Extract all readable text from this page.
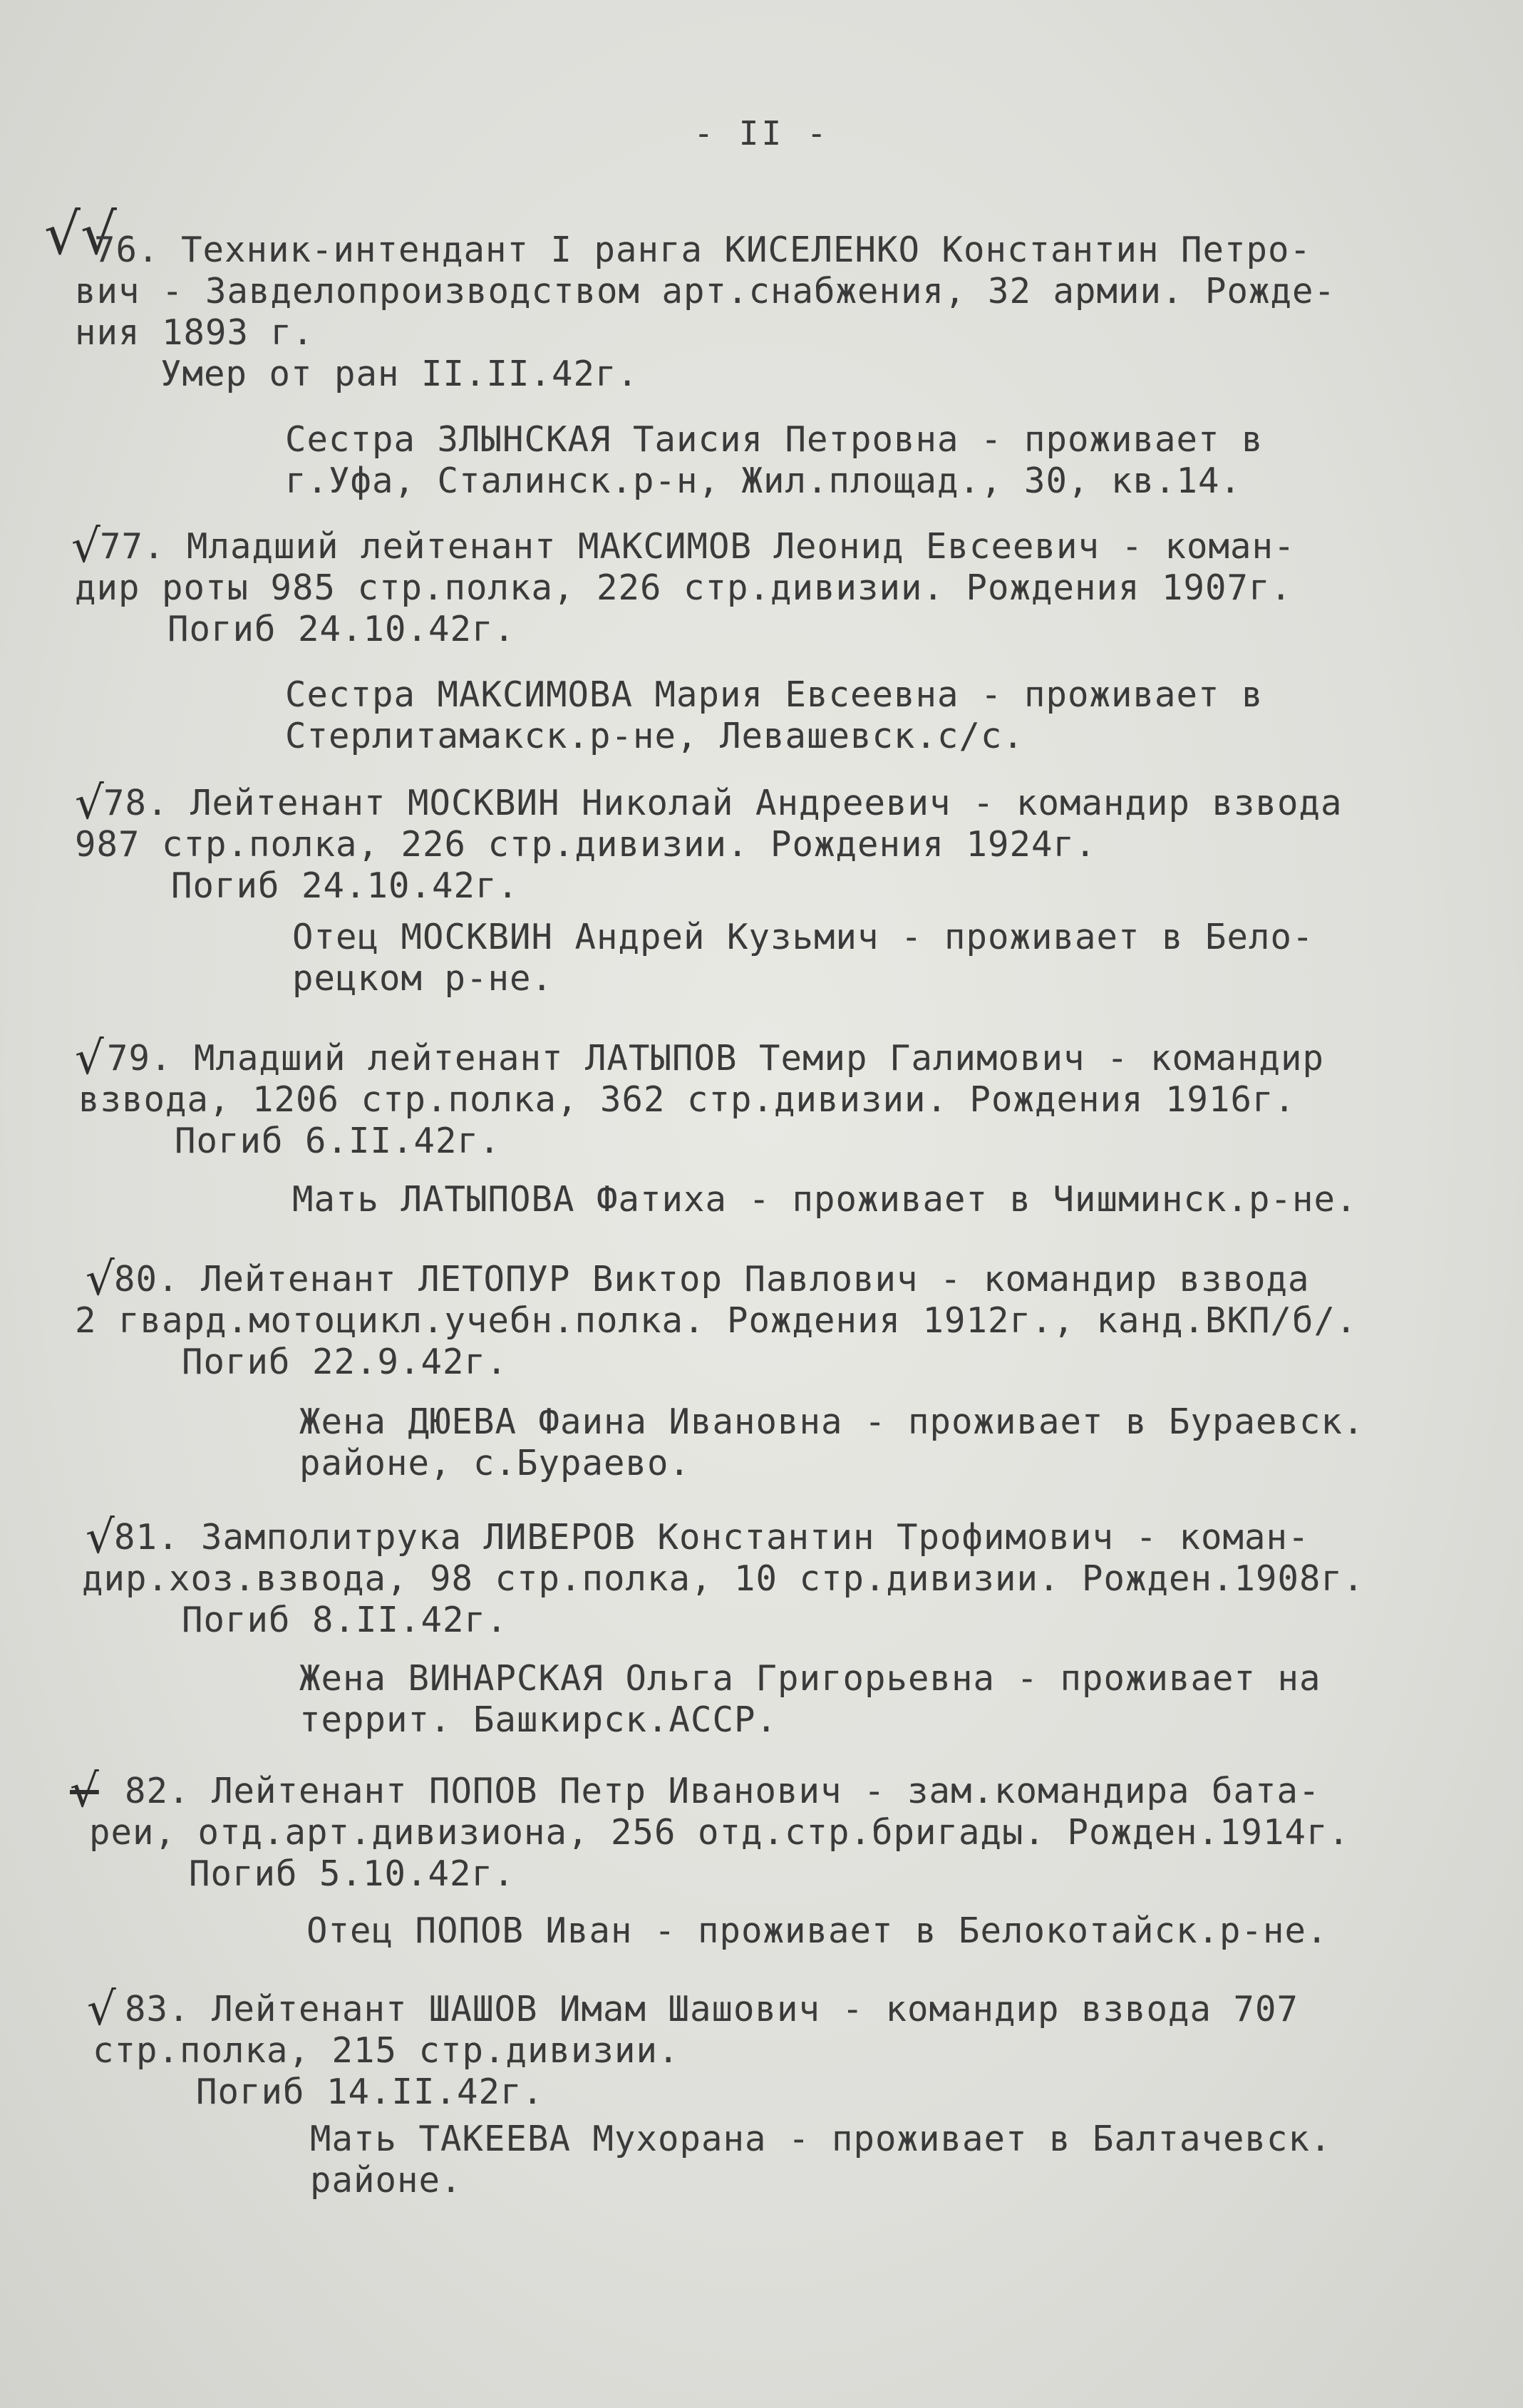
- II -
√√
76. Техник-интендант I ранга КИСЕЛЕНКО Константин Петро-
вич - Завделопроизводством арт.снабжения, 32 армии. Рожде-
ния 1893 г.
Умер от ран II.II.42г.
Сестра ЗЛЫНСКАЯ Таисия Петровна - проживает в
г.Уфа, Сталинск.р-н, Жил.площад., 30, кв.14.
√ 77. Младший лейтенант МАКСИМОВ Леонид Евсеевич - коман-
дир роты 985 стр.полка, 226 стр.дивизии. Рождения 1907г.
Погиб 24.10.42г.
Сестра МАКСИМОВА Мария Евсеевна - проживает в
Стерлитамакск.р-не, Левашевск.с/с.
√ 78. Лейтенант МОСКВИН Николай Андреевич - командир взвода
987 стр.полка, 226 стр.дивизии. Рождения 1924г.
Погиб 24.10.42г.
Отец МОСКВИН Андрей Кузьмич - проживает в Бело-
рецком р-не.
√ 79. Младший лейтенант ЛАТЫПОВ Темир Галимович - командир
взвода, 1206 стр.полка, 362 стр.дивизии. Рождения 1916г.
Погиб 6.II.42г.
Мать ЛАТЫПОВА Фатиха - проживает в Чишминск.р-не.
√ 80. Лейтенант ЛЕТОПУР Виктор Павлович - командир взвода
2 гвард.мотоцикл.учебн.полка. Рождения 1912г., канд.ВКП/б/.
Погиб 22.9.42г.
Жена ДЮЕВА Фаина Ивановна - проживает в Бураевск.
районе, с.Бураево.
√ 81. Замполитрука ЛИВЕРОВ Константин Трофимович - коман-
дир.хоз.взвода, 98 стр.полка, 10 стр.дивизии. Рожден.1908г.
Погиб 8.II.42г.
Жена ВИНАРСКАЯ Ольга Григорьевна - проживает на
террит. Башкирск.АССР.
√ 82. Лейтенант ПОПОВ Петр Иванович - зам.командира бата-
реи, отд.арт.дивизиона, 256 отд.стр.бригады. Рожден.1914г.
Погиб 5.10.42г.
Отец ПОПОВ Иван - проживает в Белокотайск.р-не.
√ 83. Лейтенант ШАШОВ Имам Шашович - командир взвода 707
стр.полка, 215 стр.дивизии.
Погиб 14.II.42г.
Мать ТАКЕЕВА Мухорана - проживает в Балтачевск.
районе.
